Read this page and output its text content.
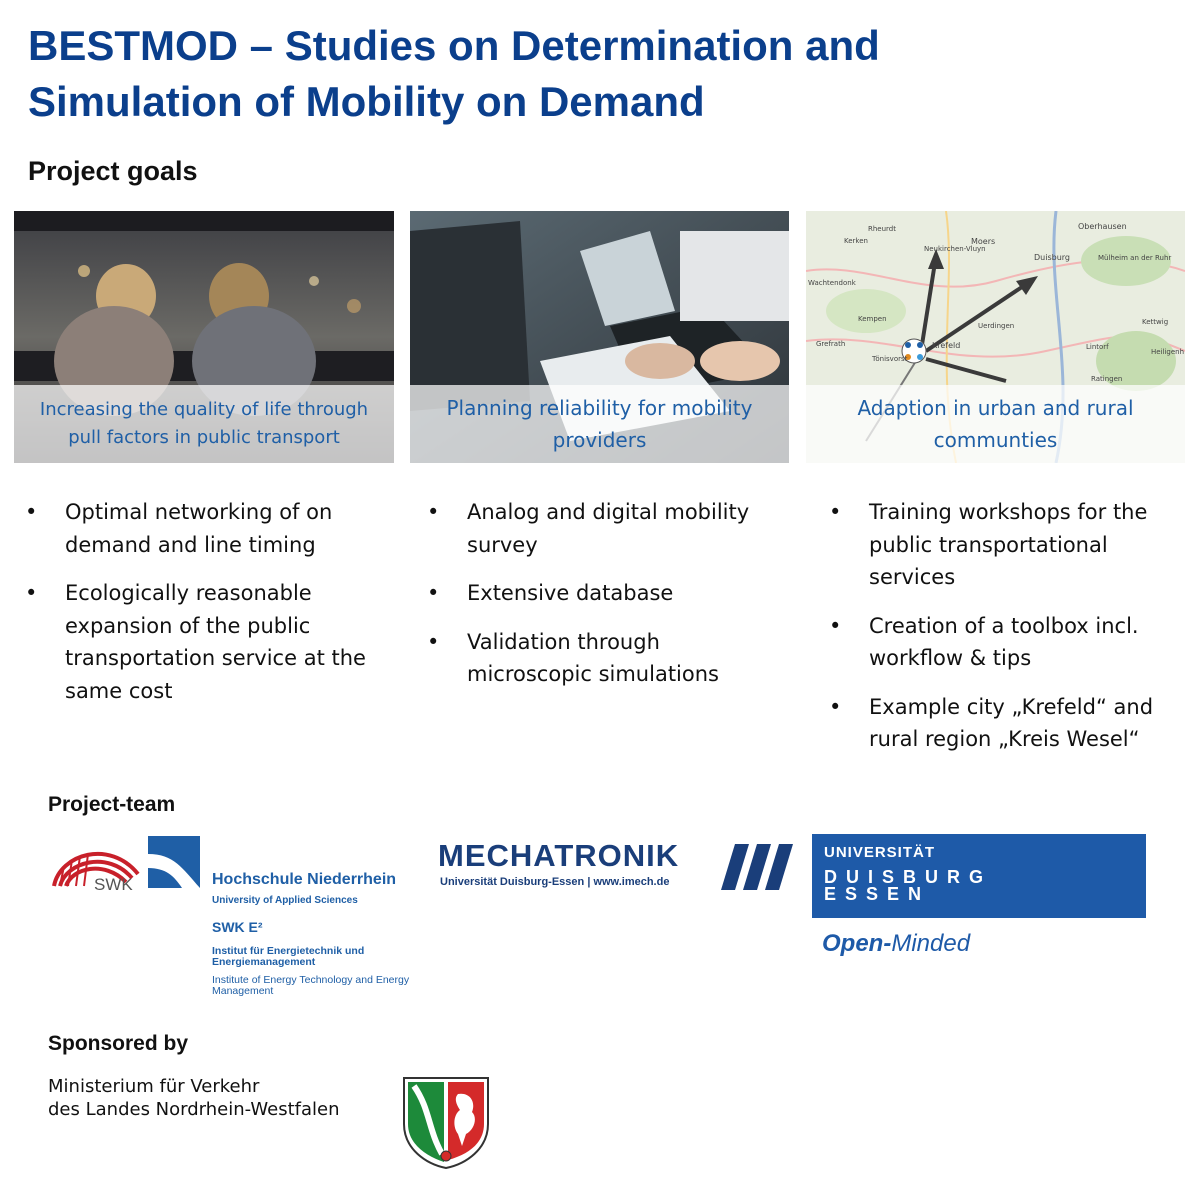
BESTMOD – Studies on Determination and
Simulation of Mobility on Demand
Project goals
Increasing the quality of life through pull factors in public transport
Planning reliability for mobility providers
Kerken
Rheurdt
Moers
Oberhausen
Duisburg	Mülheim an der Ruhr
Wachtendonk
Kempen
Uerdingen	Kettwig
Grefrath	Krefeld
Tönisvorst
Lintorf
Heiligenh
Ratingen
Neukirchen-Vluyn
Adaption in urban and rural communties
• Optimal networking of on demand and line timing
• Ecologically reasonable expansion of the public transportation service at the same cost
• Analog and digital mobility survey
• Extensive database
• Validation through microscopic simulations
• Training workshops for the public transportational services
• Creation of a toolbox incl. workflow & tips
• Example city „Krefeld“ and rural region „Kreis Wesel“
Project-team
SWK	Hochschule Niederrhein
University of Applied Sciences
SWK E²
Institut für Energietechnik und Energiemanagement
Institute of Energy Technology and Energy Management
MECHATRONIK
Universität Duisburg-Essen | www.imech.de
UNIVERSITÄT
DUISBURG
ESSEN
Open-Minded
Sponsored by
Ministerium für Verkehr
des Landes Nordrhein-Westfalen
